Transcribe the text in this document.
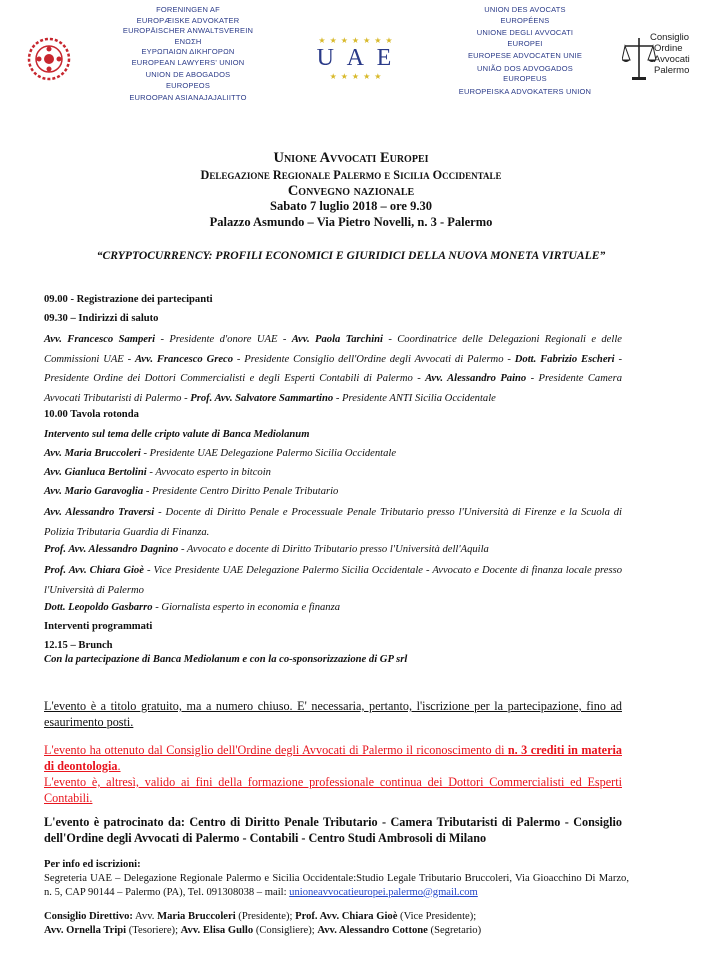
FORENINGEN AF
EUROPÆISKE ADVOKATER
EUROPÄISCHER ANWALTSVEREIN
ΕΝΩΣΗ
ΕΥΡΩΠΑΙΩΝ ΔΙΚΗΓΟΡΩΝ
EUROPEAN LAWYERS' UNION
UNION DE ABOGADOS
EUROPEOS
EUROOPAN ASIANAJAJALIITTO
★ ★ ★ ★ ★ ★ ★
U A E
★ ★ ★ ★ ★
UNION DES AVOCATS
EUROPÉENS
UNIONE DEGLI AVVOCATI
EUROPEI
EUROPESE ADVOCATEN UNIE
UNIÃO DOS ADVOGADOS
EUROPEUS
EUROPEISKA ADVOKATERS UNION
Consiglio
Ordine
Avvocati
Palermo
Unione Avvocati Europei
Delegazione Regionale Palermo e Sicilia Occidentale
Convegno nazionale
Sabato 7 luglio 2018 – ore 9.30
Palazzo Asmundo – Via Pietro Novelli, n. 3 - Palermo
“CRYPTOCURRENCY: PROFILI ECONOMICI E GIURIDICI DELLA NUOVA MONETA VIRTUALE”
09.00 - Registrazione dei partecipanti
09.30 – Indirizzi di saluto
Avv. Francesco Samperi - Presidente d'onore UAE - Avv. Paola Tarchini - Coordinatrice delle Delegazioni Regionali e delle Commissioni UAE - Avv. Francesco Greco - Presidente Consiglio dell'Ordine degli Avvocati di Palermo - Dott. Fabrizio Escheri - Presidente Ordine dei Dottori Commercialisti e degli Esperti Contabili di Palermo - Avv. Alessandro Paino - Presidente Camera Avvocati Tributaristi di Palermo - Prof. Avv. Salvatore Sammartino - Presidente ANTI Sicilia Occidentale
10.00 Tavola rotonda
Intervento sul tema delle cripto valute di Banca Mediolanum
Avv. Maria Bruccoleri - Presidente UAE Delegazione Palermo Sicilia Occidentale
Avv. Gianluca Bertolini - Avvocato esperto in bitcoin
Avv. Mario Garavoglia - Presidente Centro Diritto Penale Tributario
Avv. Alessandro Traversi - Docente di Diritto Penale e Processuale Penale Tributario presso l'Università di Firenze e la Scuola di Polizia Tributaria Guardia di Finanza.
Prof. Avv. Alessandro Dagnino - Avvocato e docente di Diritto Tributario presso l'Università dell'Aquila
Prof. Avv. Chiara Gioè - Vice Presidente UAE Delegazione Palermo Sicilia Occidentale - Avvocato e Docente di finanza locale presso l'Università di Palermo
Dott. Leopoldo Gasbarro - Giornalista esperto in economia e finanza
Interventi programmati
12.15 – Brunch
Con la partecipazione di Banca Mediolanum e con la co-sponsorizzazione di GP srl
L'evento è a titolo gratuito, ma a numero chiuso. E' necessaria, pertanto, l'iscrizione per la partecipazione, fino ad esaurimento posti.
L'evento ha ottenuto dal Consiglio dell'Ordine degli Avvocati di Palermo il riconoscimento di n. 3 crediti in materia di deontologia.
L'evento è, altresì, valido ai fini della formazione professionale continua dei Dottori Commercialisti ed Esperti Contabili.
L'evento è patrocinato da: Centro di Diritto Penale Tributario - Camera Tributaristi di Palermo - Consiglio dell'Ordine degli Avvocati di Palermo - Contabili - Centro Studi Ambrosoli di Milano
Per info ed iscrizioni:
Segreteria UAE – Delegazione Regionale Palermo e Sicilia Occidentale:Studio Legale Tributario Bruccoleri, Via Gioacchino Di Marzo, n. 5, CAP 90144 – Palermo (PA), Tel. 091308038 – mail: unioneavvocatieuropei.palermo@gmail.com
Consiglio Direttivo: Avv. Maria Bruccoleri (Presidente); Prof. Avv. Chiara Gioè (Vice Presidente);
Avv. Ornella Tripi (Tesoriere); Avv. Elisa Gullo (Consigliere); Avv. Alessandro Cottone (Segretario)
